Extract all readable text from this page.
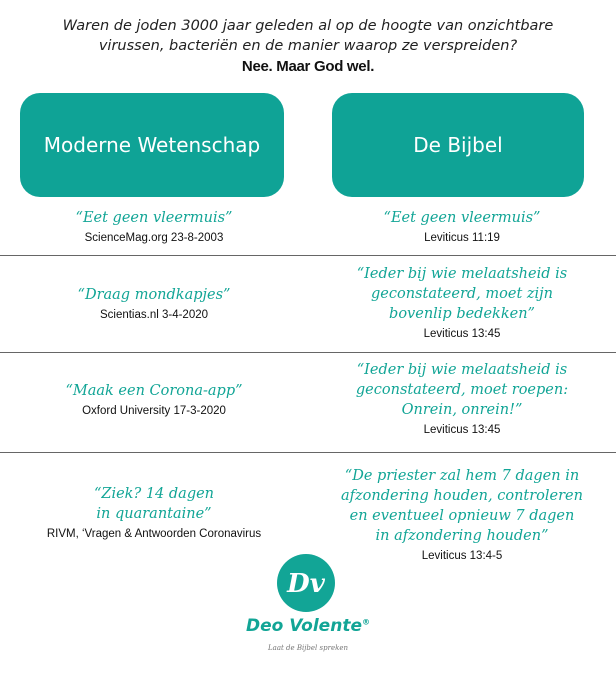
Waren de joden 3000 jaar geleden al op de hoogte van onzichtbare
virussen, bacteriën en de manier waarop ze verspreiden?
Nee. Maar God wel.
Moderne Wetenschap	De Bijbel
“Eet geen vleermuis”
ScienceMag.org 23-8-2003
“Eet geen vleermuis”
Leviticus 11:19
“Draag mondkapjes”
Scientias.nl 3-4-2020
“Ieder bij wie melaatsheid is
geconstateerd, moet zijn
bovenlip bedekken”
Leviticus 13:45
“Maak een Corona-app”
Oxford University 17-3-2020
“Ieder bij wie melaatsheid is
geconstateerd, moet roepen:
Onrein, onrein!”
Leviticus 13:45
“Ziek? 14 dagen
in quarantaine”
RIVM, ‘Vragen & Antwoorden Coronavirus
“De priester zal hem 7 dagen in
afzondering houden, controleren
en eventueel opnieuw 7 dagen
in afzondering houden”
Leviticus 13:4-5
Dv
Deo Volente®
Laat de Bijbel spreken
